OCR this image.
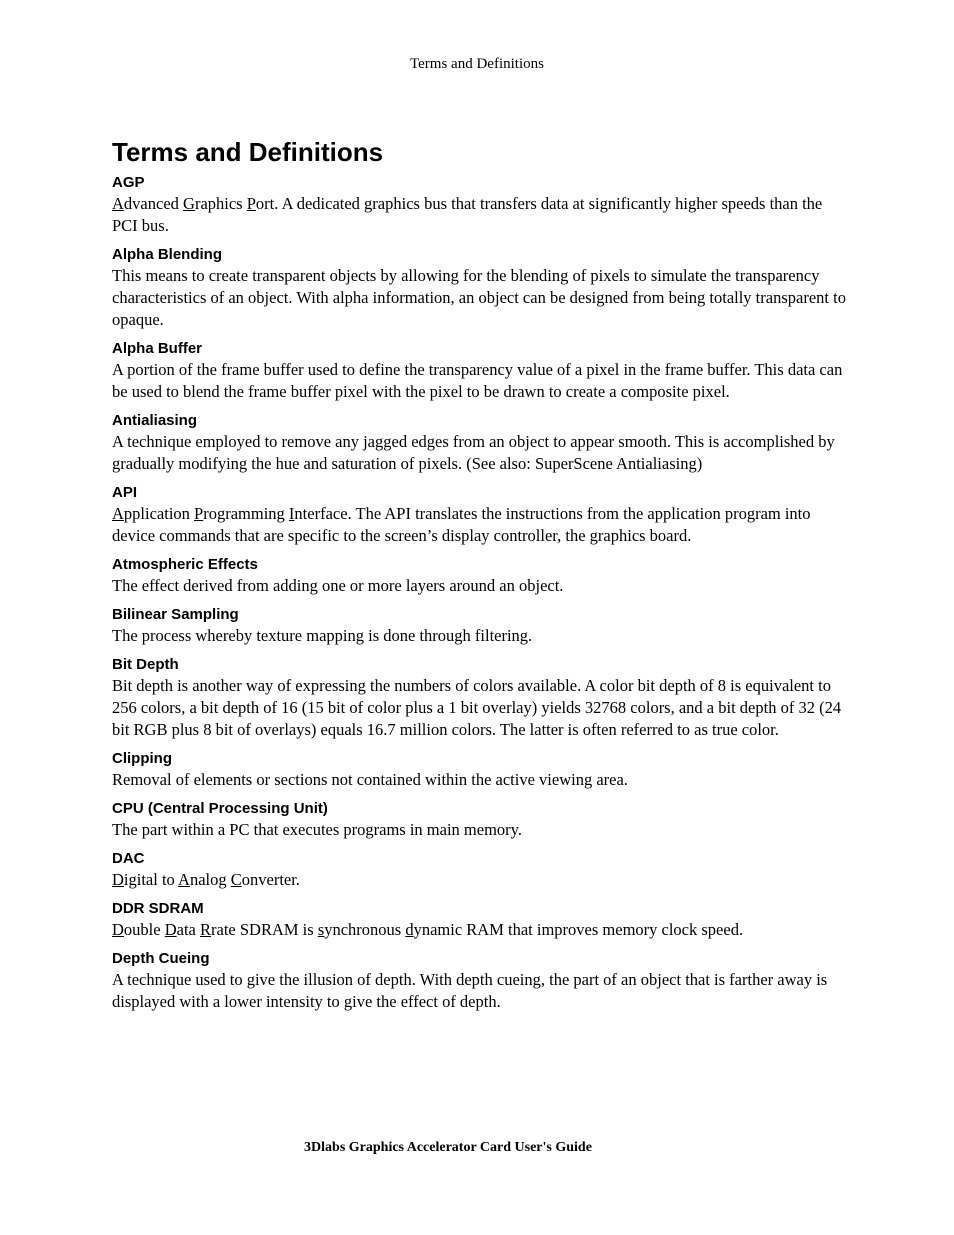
Terms and Definitions
Terms and Definitions
AGP

Advanced Graphics Port. A dedicated graphics bus that transfers data at significantly higher speeds than the PCI bus.

Alpha Blending

This means to create transparent objects by allowing for the blending of pixels to simulate the transparency characteristics of an object. With alpha information, an object can be designed from being totally transparent to opaque.

Alpha Buffer

A portion of the frame buffer used to define the transparency value of a pixel in the frame buffer. This data can be used to blend the frame buffer pixel with the pixel to be drawn to create a composite pixel.

Antialiasing

A technique employed to remove any jagged edges from an object to appear smooth. This is accomplished by gradually modifying the hue and saturation of pixels. (See also: SuperScene Antialiasing)

API

Application Programming Interface. The API translates the instructions from the application program into device commands that are specific to the screen’s display controller, the graphics board.

Atmospheric Effects

The effect derived from adding one or more layers around an object.

Bilinear Sampling

The process whereby texture mapping is done through filtering.

Bit Depth

Bit depth is another way of expressing the numbers of colors available. A color bit depth of 8 is equivalent to 256 colors, a bit depth of 16 (15 bit of color plus a 1 bit overlay) yields 32768 colors, and a bit depth of 32 (24 bit RGB plus 8 bit of overlays) equals 16.7 million colors. The latter is often referred to as true color.

Clipping

Removal of elements or sections not contained within the active viewing area.

CPU (Central Processing Unit)

The part within a PC that executes programs in main memory.

DAC

Digital to Analog Converter.

DDR SDRAM

Double Data Rrate SDRAM is synchronous dynamic RAM that improves memory clock speed.

Depth Cueing

A technique used to give the illusion of depth. With depth cueing, the part of an object that is farther away is displayed with a lower intensity to give the effect of depth.

3Dlabs Graphics Accelerator Card User's Guide
